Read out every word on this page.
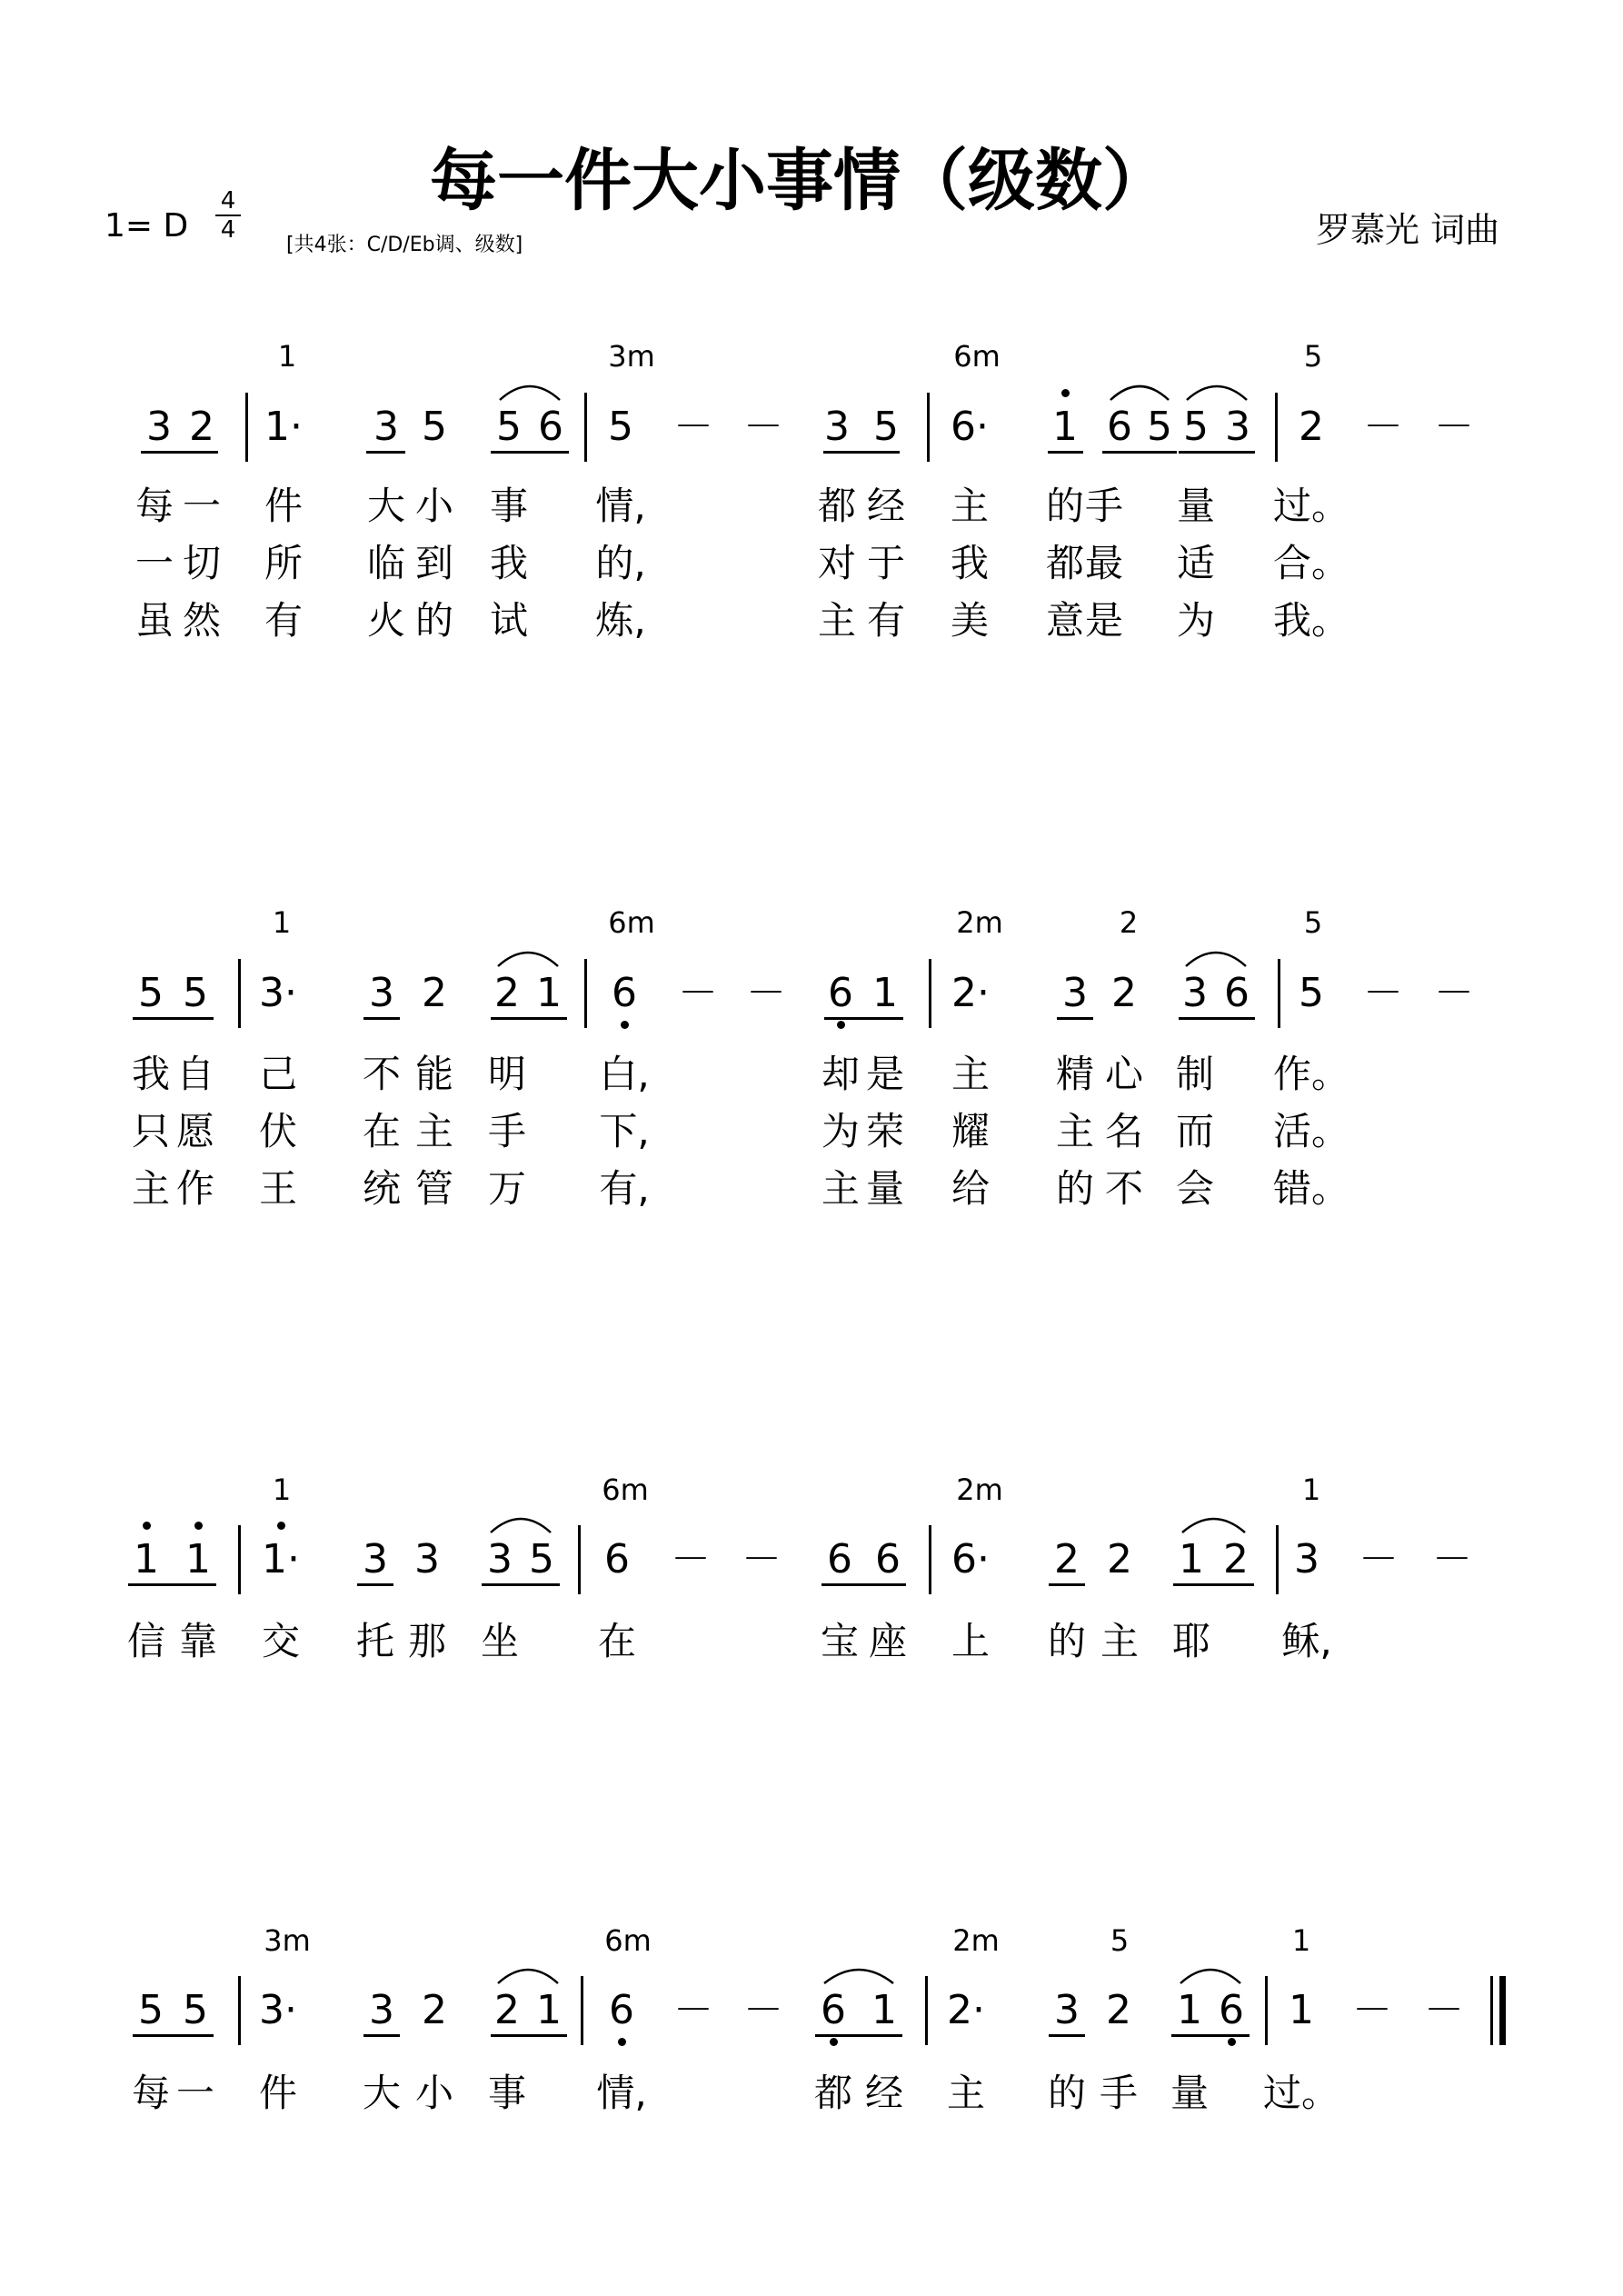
每一件大小事情（级数）
1= D
4
4
[共4张：C/D/Eb调、级数]	罗慕光 词曲
1	3m	6m	5
3 2 1· 3 5 5 6 5 － － 3 5 6· 1 6 5 5 3 2 － －
每 一 件 大 小 事 情,	都 经 主 的 手 量 过。
一 切 所 临 到 我 的,	对 于 我 都 最 适 合。
虽 然 有 火 的 试 炼,	主 有 美 意 是 为 我。
1	6m	2m	2	5
5 5 3· 3 2 2 1 6 － － 6 1 2· 3 2 3 6 5 － －
我 自 己 不 能 明 白,	却 是 主 精 心 制 作。
只 愿 伏 在 主 手 下,	为 荣 耀 主 名 而 活。
主 作 王 统 管 万 有,	主 量 给 的 不 会 错。
1	6m	2m	1
1 1 1· 3 3 3 5 6 － － 6 6 6· 2 2 1 2 3 － －
信 靠 交 托 那 坐 在	宝 座 上 的 主 耶 稣,
3m	6m	2m	5	1
5 5 3· 3 2 2 1 6 － － 6 1 2· 3 2 1 6 1 － －
每 一 件 大 小 事 情,	都 经 主 的 手 量 过。
